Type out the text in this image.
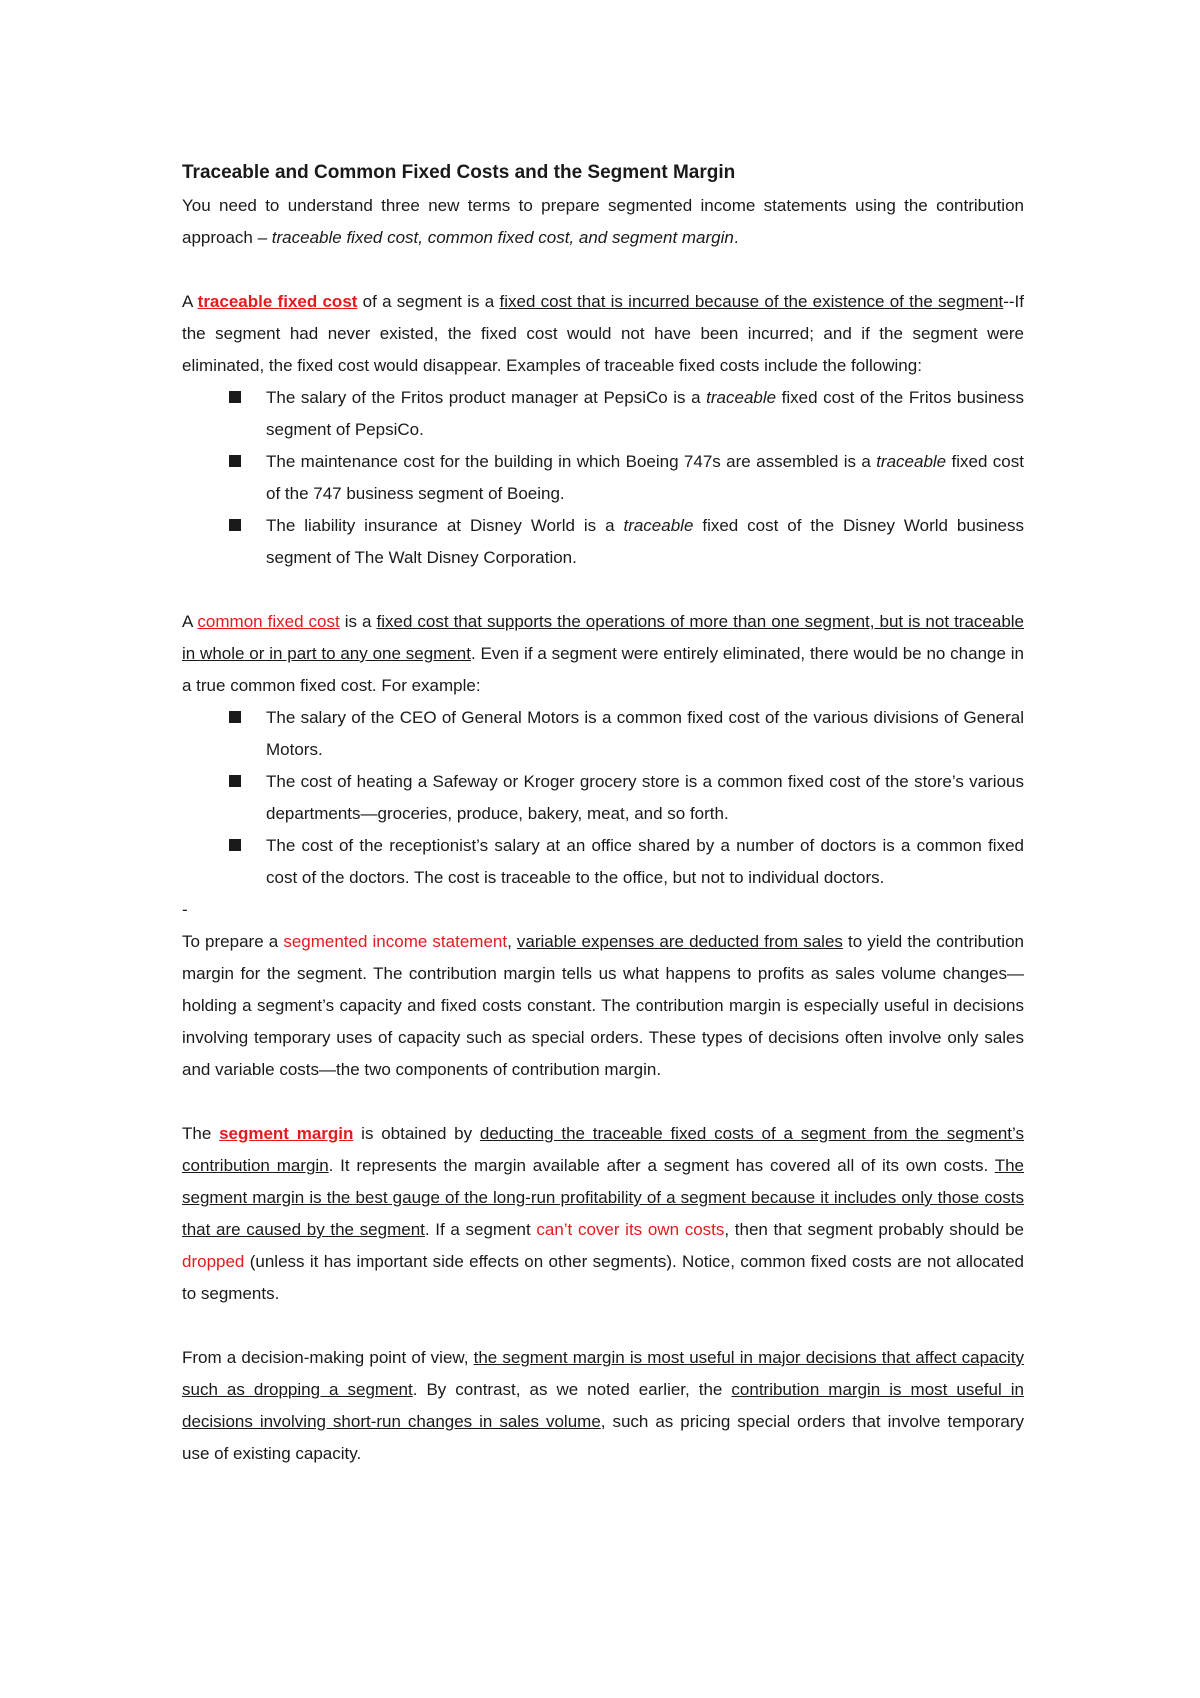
Traceable and Common Fixed Costs and the Segment Margin

You need to understand three new terms to prepare segmented income statements using the contribution approach – traceable fixed cost, common fixed cost, and segment margin.

A traceable fixed cost of a segment is a fixed cost that is incurred because of the existence of the segment--If the segment had never existed, the fixed cost would not have been incurred; and if the segment were eliminated, the fixed cost would disappear. Examples of traceable fixed costs include the following:

The salary of the Fritos product manager at PepsiCo is a traceable fixed cost of the Fritos business segment of PepsiCo.
The maintenance cost for the building in which Boeing 747s are assembled is a traceable fixed cost of the 747 business segment of Boeing.
The liability insurance at Disney World is a traceable fixed cost of the Disney World business segment of The Walt Disney Corporation.

A common fixed cost is a fixed cost that supports the operations of more than one segment, but is not traceable in whole or in part to any one segment. Even if a segment were entirely eliminated, there would be no change in a true common fixed cost. For example:

The salary of the CEO of General Motors is a common fixed cost of the various divisions of General Motors.
The cost of heating a Safeway or Kroger grocery store is a common fixed cost of the store’s various departments—groceries, produce, bakery, meat, and so forth.
The cost of the receptionist’s salary at an office shared by a number of doctors is a common fixed cost of the doctors. The cost is traceable to the office, but not to individual doctors.
-

To prepare a segmented income statement, variable expenses are deducted from sales to yield the contribution margin for the segment. The contribution margin tells us what happens to profits as sales volume changes—holding a segment’s capacity and fixed costs constant. The contribution margin is especially useful in decisions involving temporary uses of capacity such as special orders. These types of decisions often involve only sales and variable costs—the two components of contribution margin.

The segment margin is obtained by deducting the traceable fixed costs of a segment from the segment’s contribution margin. It represents the margin available after a segment has covered all of its own costs. The segment margin is the best gauge of the long-run profitability of a segment because it includes only those costs that are caused by the segment. If a segment can’t cover its own costs, then that segment probably should be dropped (unless it has important side effects on other segments). Notice, common fixed costs are not allocated to segments.

From a decision-making point of view, the segment margin is most useful in major decisions that affect capacity such as dropping a segment. By contrast, as we noted earlier, the contribution margin is most useful in decisions involving short-run changes in sales volume, such as pricing special orders that involve temporary use of existing capacity.
